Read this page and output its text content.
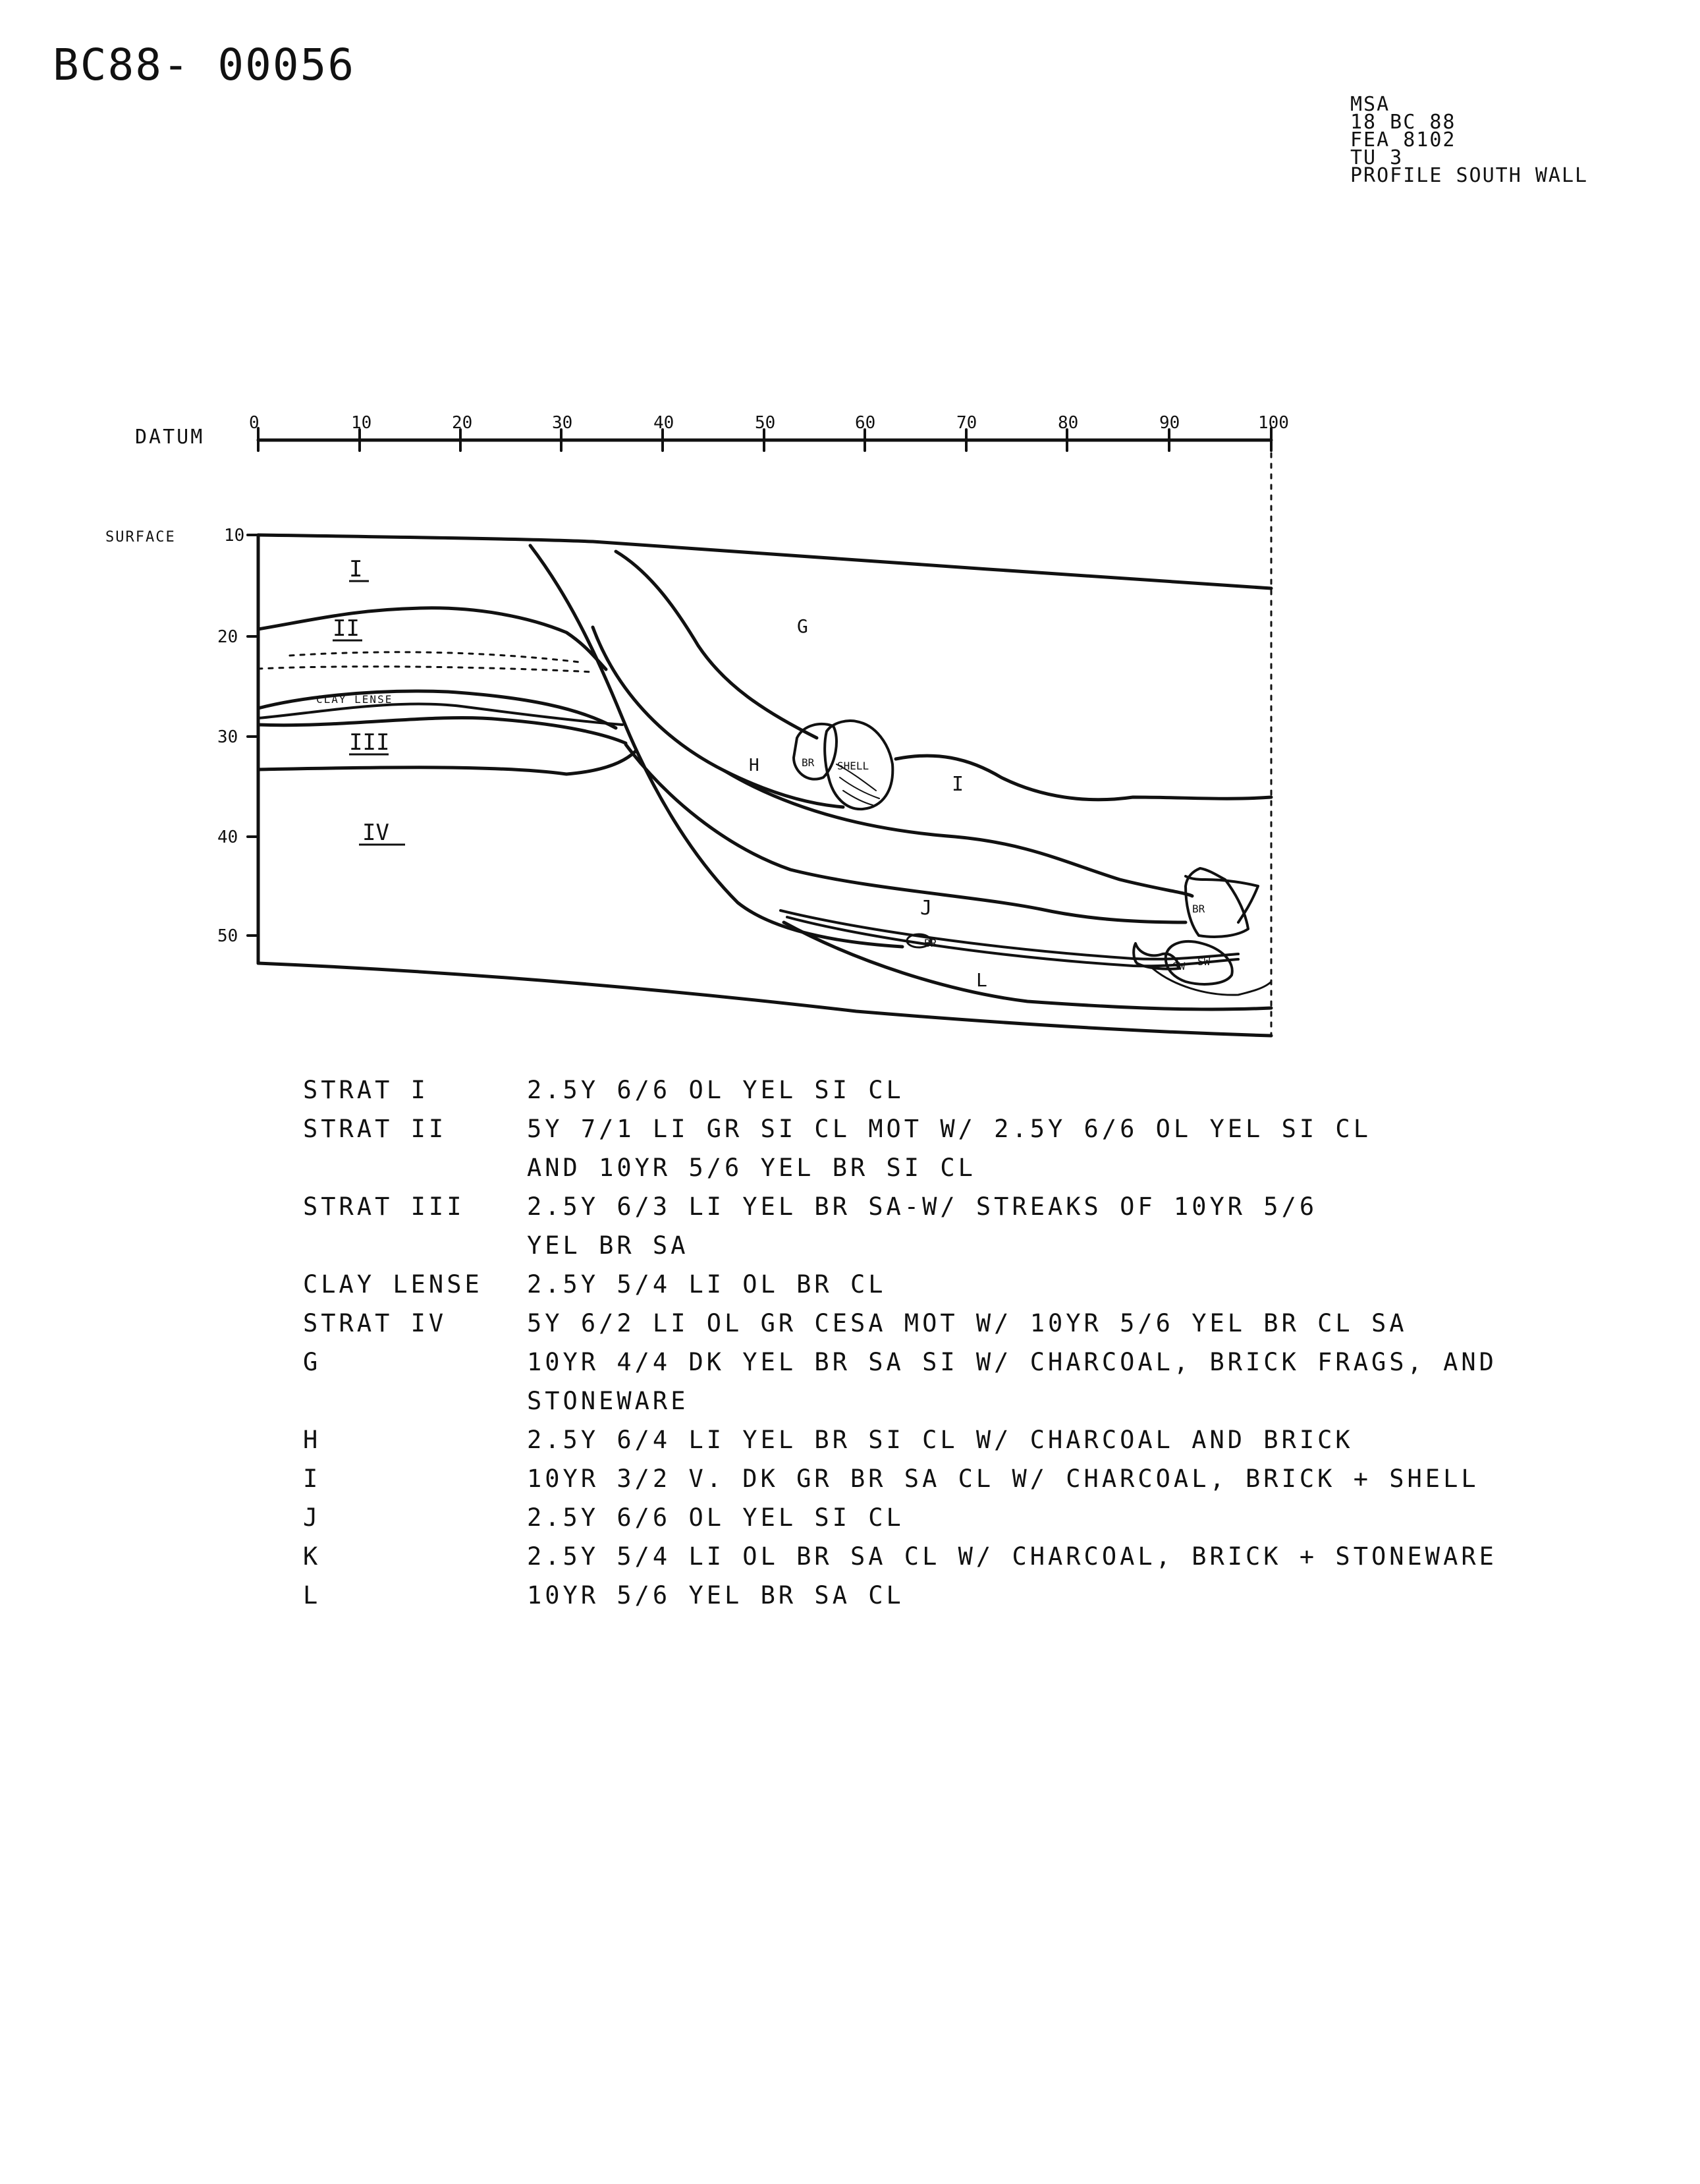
BC88- 00056
MSA
18 BC 88
FEA 8102
TU 3
PROFILE SOUTH WALL
DATUM
SURFACE
0	10	20	30	40	50	60	70	80	90	100
10
20
30
40
50
I
II
CLAY LENSE
III
IV
G
H
I
J
L
BR SHELL
BR
BR
SW SW
STRAT I	2.5Y 6/6 OL YEL SI CL
STRAT II	5Y 7/1 LI GR SI CL MOT W/ 2.5Y 6/6 OL YEL SI CL
AND 10YR 5/6 YEL BR SI CL
STRAT III	2.5Y 6/3 LI YEL BR SA-W/ STREAKS OF 10YR 5/6
YEL BR SA
CLAY LENSE	2.5Y 5/4 LI OL BR CL
STRAT IV	5Y 6/2 LI OL GR CESA MOT W/ 10YR 5/6 YEL BR CL SA
G	10YR 4/4 DK YEL BR SA SI W/ CHARCOAL, BRICK FRAGS, AND
STONEWARE
H	2.5Y 6/4 LI YEL BR SI CL W/ CHARCOAL AND BRICK
I	10YR 3/2 V. DK GR BR SA CL W/ CHARCOAL, BRICK + SHELL
J	2.5Y 6/6 OL YEL SI CL
K	2.5Y 5/4 LI OL BR SA CL W/ CHARCOAL, BRICK + STONEWARE
L	10YR 5/6 YEL BR SA CL
